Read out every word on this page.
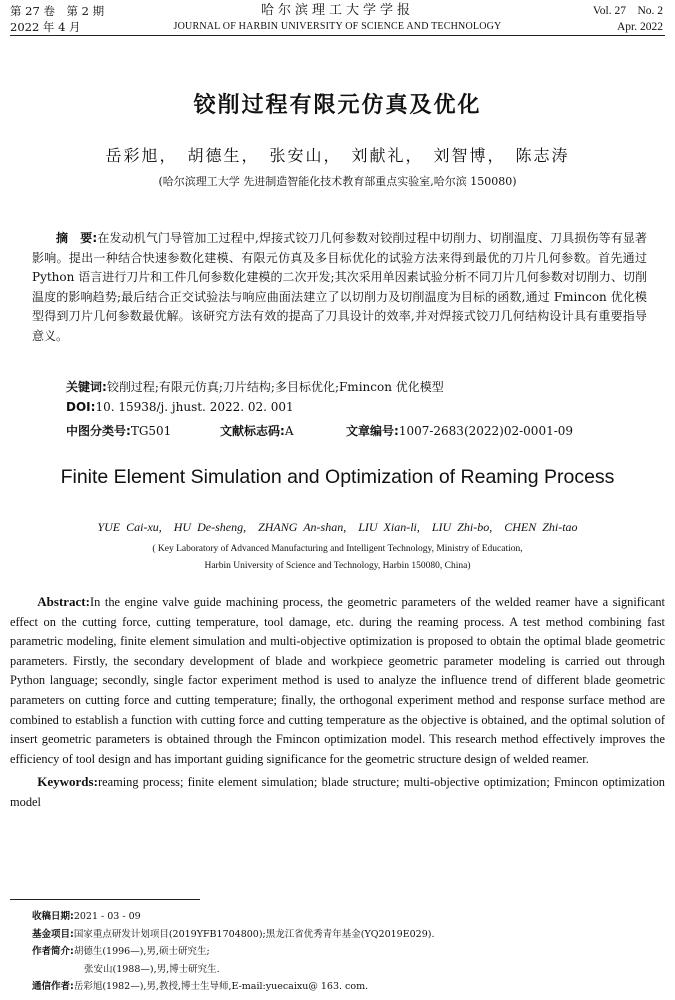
第 27 卷　第 2 期
2022 年 4 月
哈尔滨理工大学学报
JOURNAL OF HARBIN UNIVERSITY OF SCIENCE AND TECHNOLOGY
Vol. 27　No. 2
Apr. 2022
铰削过程有限元仿真及优化
岳彩旭，　胡德生，　张安山，　刘献礼，　刘智博，　陈志涛
(哈尔滨理工大学 先进制造智能化技术教育部重点实验室,哈尔滨 150080)

摘　要:在发动机气门导管加工过程中,焊接式铰刀几何参数对铰削过程中切削力、切削温度、刀具损伤等有显著影响。提出一种结合快速参数化建模、有限元仿真及多目标优化的试验方法来得到最优的刀片几何参数。首先通过 Python 语言进行刀片和工件几何参数化建模的二次开发;其次采用单因素试验分析不同刀片几何参数对切削力、切削温度的影响趋势;最后结合正交试验法与响应曲面法建立了以切削力及切削温度为目标的函数,通过 Fmincon 优化模型得到刀片几何参数最优解。该研究方法有效的提高了刀具设计的效率,并对焊接式铰刀几何结构设计具有重要指导意义。

关键词:铰削过程;有限元仿真;刀片结构;多目标优化;Fmincon 优化模型
DOI:10. 15938/j. jhust. 2022. 02. 001
中图分类号:TG501	文献标志码:A	文章编号:1007-2683(2022)02-0001-09
Finite Element Simulation and Optimization of Reaming Process
YUE Cai-xu,　HU De-sheng,　ZHANG An-shan,　LIU Xian-li,　LIU Zhi-bo,　CHEN Zhi-tao
( Key Laboratory of Advanced Manufacturing and Intelligent Technology, Ministry of Education,
Harbin University of Science and Technology, Harbin 150080, China)

Abstract:In the engine valve guide machining process, the geometric parameters of the welded reamer have a significant effect on the cutting force, cutting temperature, tool damage, etc. during the reaming process. A test method combining fast parametric modeling, finite element simulation and multi-objective optimization is proposed to obtain the optimal blade geometric parameters. Firstly, the secondary development of blade and workpiece geometric parameter modeling is carried out through Python language; secondly, single factor experiment method is used to analyze the influence trend of different blade geometric parameters on cutting force and cutting temperature; finally, the orthogonal experiment method and response surface method are combined to establish a function with cutting force and cutting temperature as the objective is obtained, and the optimal solution of insert geometric parameters is obtained through the Fmincon optimization model. This research method effectively improves the efficiency of tool design and has important guiding significance for the geometric structure design of welded reamer.

Keywords:reaming process; finite element simulation; blade structure; multi-objective optimization; Fmincon optimization model

收稿日期:2021 - 03 - 09
基金项目:国家重点研发计划项目(2019YFB1704800);黑龙江省优秀青年基金(YQ2019E029).
作者简介:胡德生(1996—),男,硕士研究生;
张安山(1988—),男,博士研究生.
通信作者:岳彩旭(1982—),男,教授,博士生导师,E-mail:yuecaixu@ 163. com.
